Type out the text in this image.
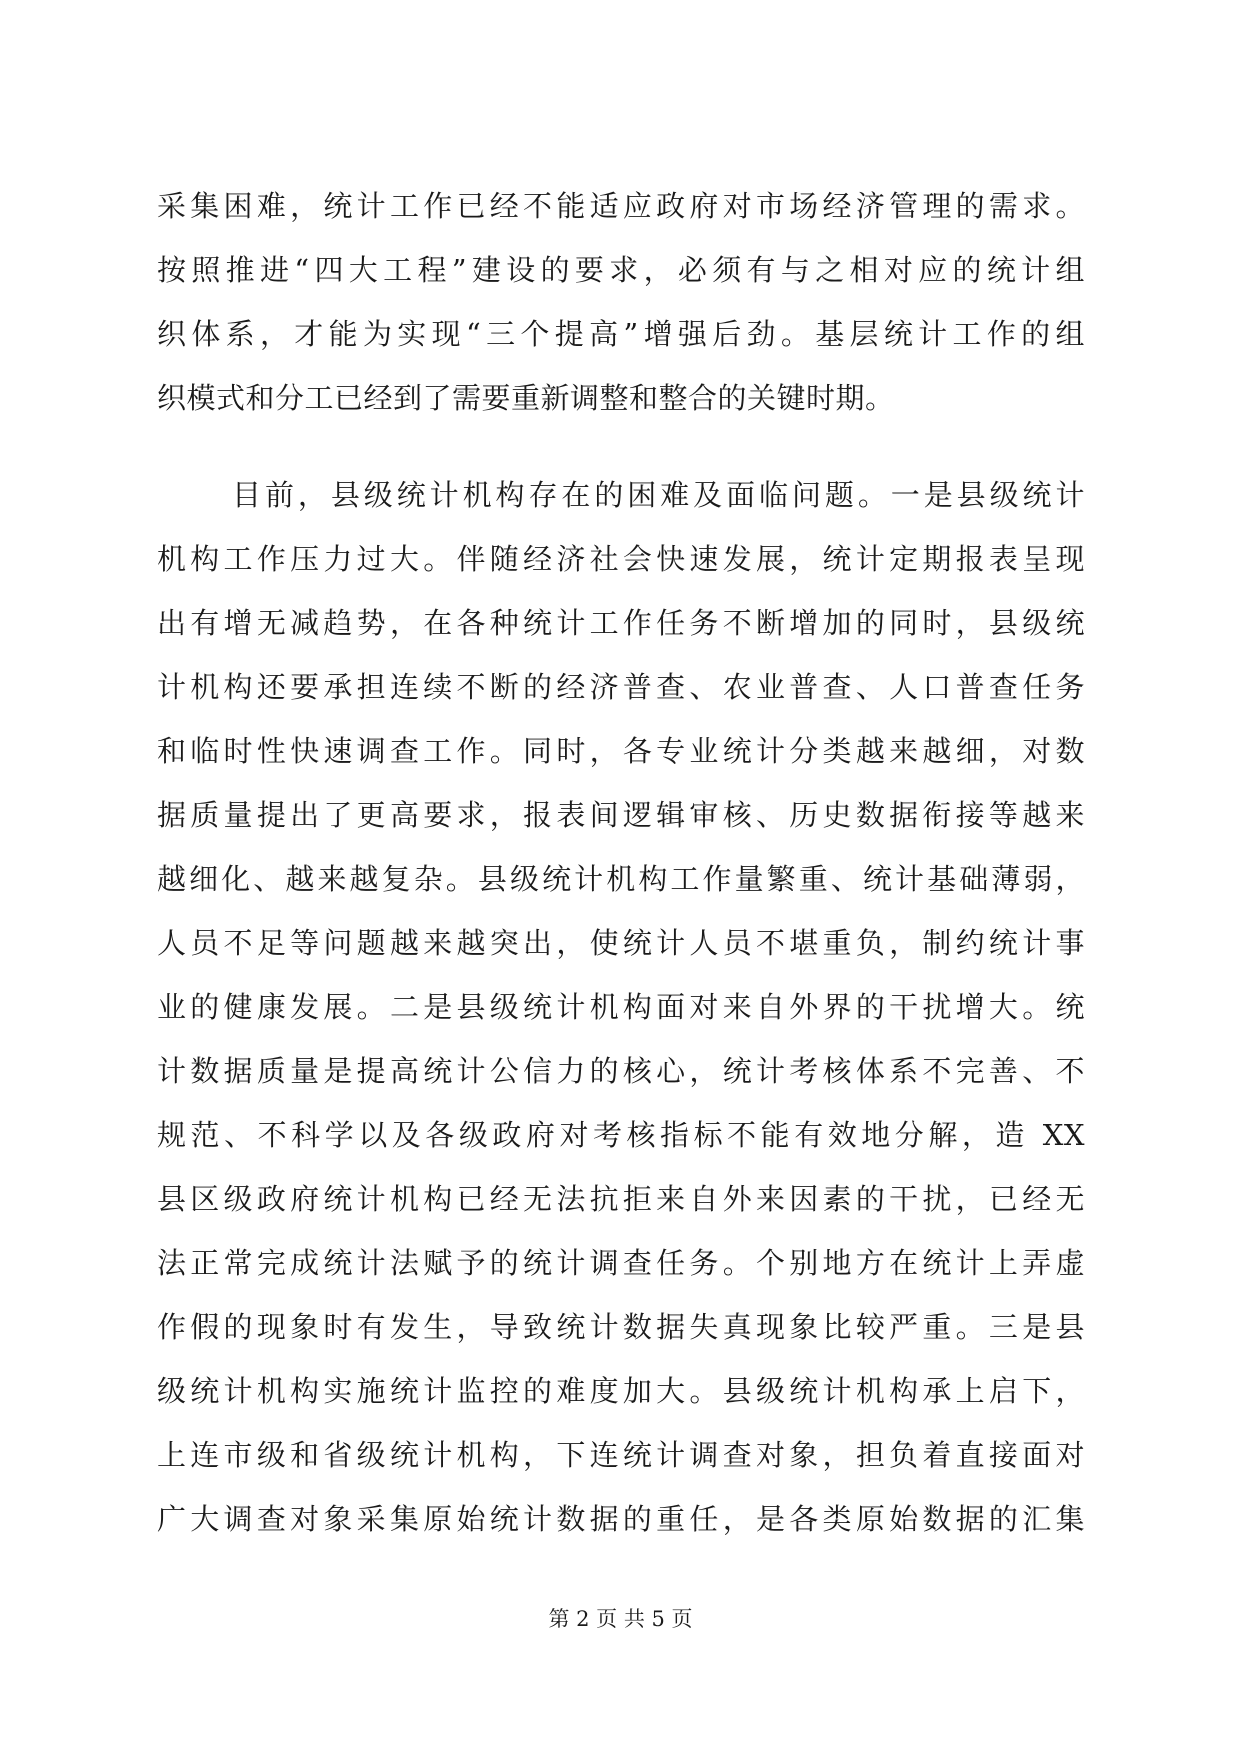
采集困难，统计工作已经不能适应政府对市场经济管理的需求。
按照推进“四大工程”建设的要求，必须有与之相对应的统计组
织体系，才能为实现“三个提高”增强后劲。基层统计工作的组
织模式和分工已经到了需要重新调整和整合的关键时期。
目前，县级统计机构存在的困难及面临问题。一是县级统计
机构工作压力过大。伴随经济社会快速发展，统计定期报表呈现
出有增无减趋势，在各种统计工作任务不断增加的同时，县级统
计机构还要承担连续不断的经济普查、农业普查、人口普查任务
和临时性快速调查工作。同时，各专业统计分类越来越细，对数
据质量提出了更高要求，报表间逻辑审核、历史数据衔接等越来
越细化、越来越复杂。县级统计机构工作量繁重、统计基础薄弱，
人员不足等问题越来越突出，使统计人员不堪重负，制约统计事
业的健康发展。二是县级统计机构面对来自外界的干扰增大。统
计数据质量是提高统计公信力的核心，统计考核体系不完善、不
规范、不科学以及各级政府对考核指标不能有效地分解，造 XX
县区级政府统计机构已经无法抗拒来自外来因素的干扰，已经无
法正常完成统计法赋予的统计调查任务。个别地方在统计上弄虚
作假的现象时有发生，导致统计数据失真现象比较严重。三是县
级统计机构实施统计监控的难度加大。县级统计机构承上启下，
上连市级和省级统计机构，下连统计调查对象，担负着直接面对
广大调查对象采集原始统计数据的重任，是各类原始数据的汇集
第 2 页 共 5 页
